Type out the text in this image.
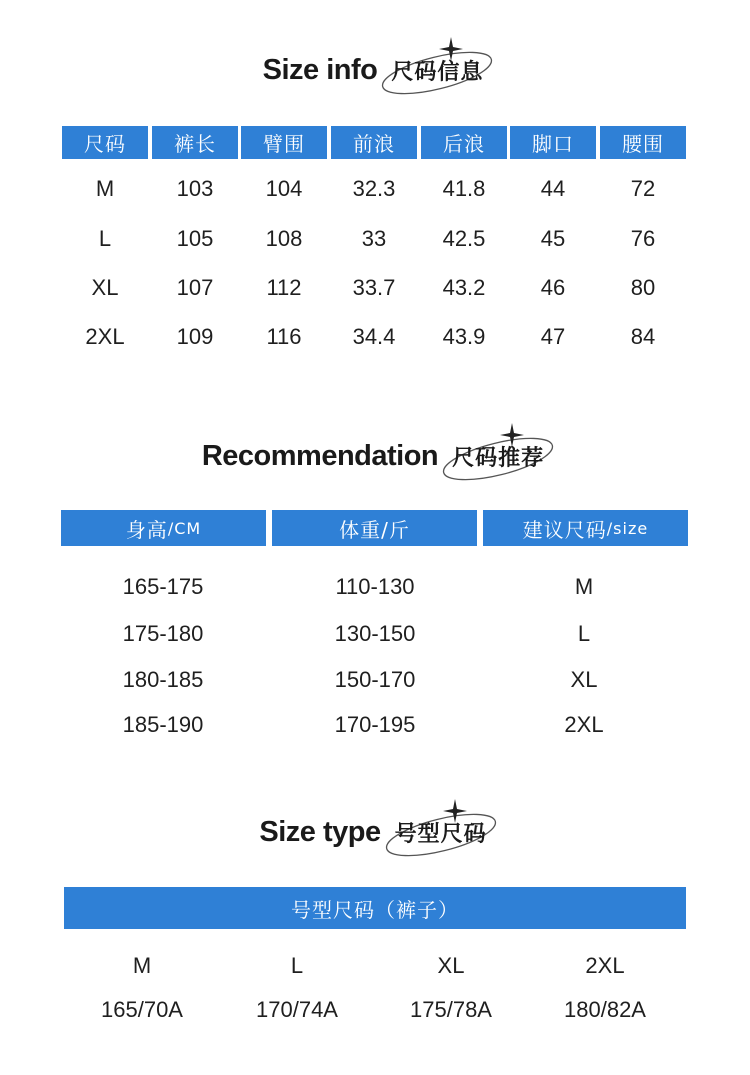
Size info 尺码信息
尺码	裤长	臂围	前浪	后浪	脚口	腰围
M	103	104	32.3	41.8	44	72
L	105	108	33	42.5	45	76
XL	107	112	33.7	43.2	46	80
2XL	109	116	34.4	43.9	47	84
Recommendation 尺码推荐
身高 /CM	体重/斤	建议尺码 /size
165-175	110-130	M
175-180	130-150	L
180-185	150-170	XL
185-190	170-195	2XL
Size type 号型尺码
号型尺码（裤子）
M	L	XL	2XL
165/70A	170/74A	175/78A	180/82A
